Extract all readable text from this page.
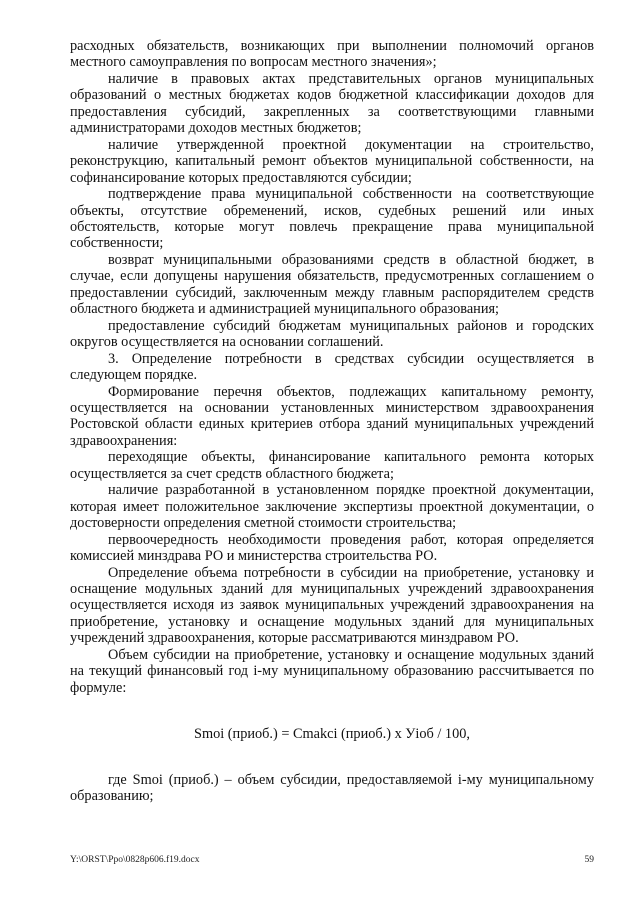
расходных обязательств, возникающих при выполнении полномочий органов местного самоуправления по вопросам местного значения»;

наличие в правовых актах представительных органов муниципальных образований о местных бюджетах кодов бюджетной классификации доходов для предоставления субсидий, закрепленных за соответствующими главными администраторами доходов местных бюджетов;

наличие утвержденной проектной документации на строительство, реконструкцию, капитальный ремонт объектов муниципальной собственности, на софинансирование которых предоставляются субсидии;

подтверждение права муниципальной собственности на соответствующие объекты, отсутствие обременений, исков, судебных решений или иных обстоятельств, которые могут повлечь прекращение права муниципальной собственности;

возврат муниципальными образованиями средств в областной бюджет, в случае, если допущены нарушения обязательств, предусмотренных соглашением о предоставлении субсидий, заключенным между главным распорядителем средств областного бюджета и администрацией муниципального образования;

предоставление субсидий бюджетам муниципальных районов и городских округов осуществляется на основании соглашений.

3. Определение потребности в средствах субсидии осуществляется в следующем порядке.

Формирование перечня объектов, подлежащих капитальному ремонту, осуществляется на основании установленных министерством здравоохранения Ростовской области единых критериев отбора зданий муниципальных учреждений здравоохранения:

переходящие объекты, финансирование капитального ремонта которых осуществляется за счет средств областного бюджета;

наличие разработанной в установленном порядке проектной документации, которая имеет положительное заключение экспертизы проектной документации, о достоверности определения сметной стоимости строительства;

первоочередность необходимости проведения работ, которая определяется комиссией минздрава РО и министерства строительства РО.

Определение объема потребности в субсидии на приобретение, установку и оснащение модульных зданий для муниципальных учреждений здравоохранения осуществляется исходя из заявок муниципальных учреждений здравоохранения на приобретение, установку и оснащение модульных зданий для муниципальных учреждений здравоохранения, которые рассматриваются минздравом РО.

Объем субсидии на приобретение, установку и оснащение модульных зданий на текущий финансовый год i-му муниципальному образованию рассчитывается по формуле:

Smoi (приоб.) = Cmakci (приоб.) x Уioб / 100,

где Smoi (приоб.) – объем субсидии, предоставляемой i-му муниципальному образованию;

Y:\ORST\Ppo\0828p606.f19.docx	59
